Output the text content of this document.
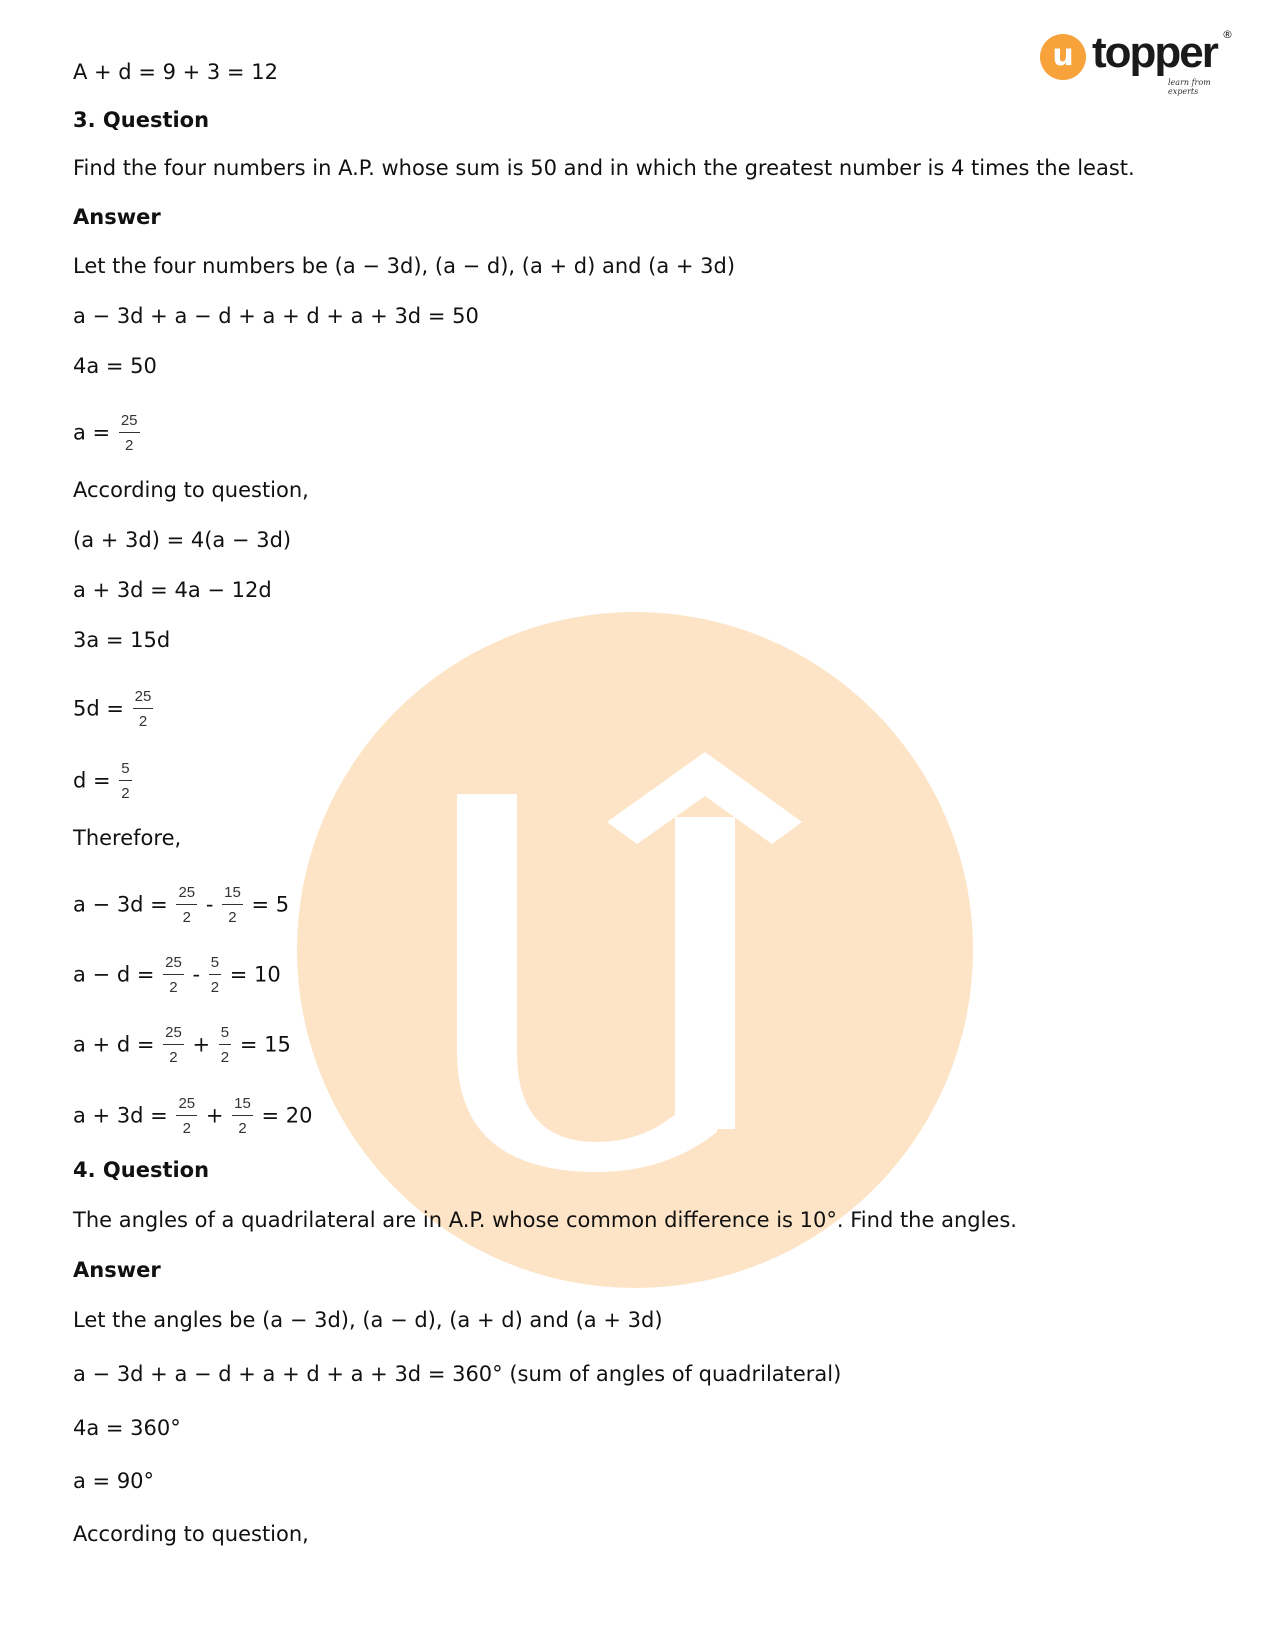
u topper ®
learn from experts
A + d = 9 + 3 = 12
3. Question
Find the four numbers in A.P. whose sum is 50 and in which the greatest number is 4 times the least.
Answer
Let the four numbers be (a − 3d), (a − d), (a + d) and (a + 3d)
a − 3d + a − d + a + d + a + 3d = 50
4a = 50
$a = \frac{25}{2}$
According to question,
(a + 3d) = 4(a − 3d)
a + 3d = 4a − 12d
3a = 15d
$5d = \frac{25}{2}$
$d = \frac{5}{2}$
Therefore,
$a - 3d = \frac{25}{2} - \frac{15}{2} = 5$
$a - d = \frac{25}{2} - \frac{5}{2} = 10$
$a + d = \frac{25}{2} + \frac{5}{2} = 15$
$a + 3d = \frac{25}{2} + \frac{15}{2} = 20$
4. Question
The angles of a quadrilateral are in A.P. whose common difference is 10°. Find the angles.
Answer
Let the angles be (a − 3d), (a − d), (a + d) and (a + 3d)
a − 3d + a − d + a + d + a + 3d = 360° (sum of angles of quadrilateral)
4a = 360°
a = 90°
According to question,
